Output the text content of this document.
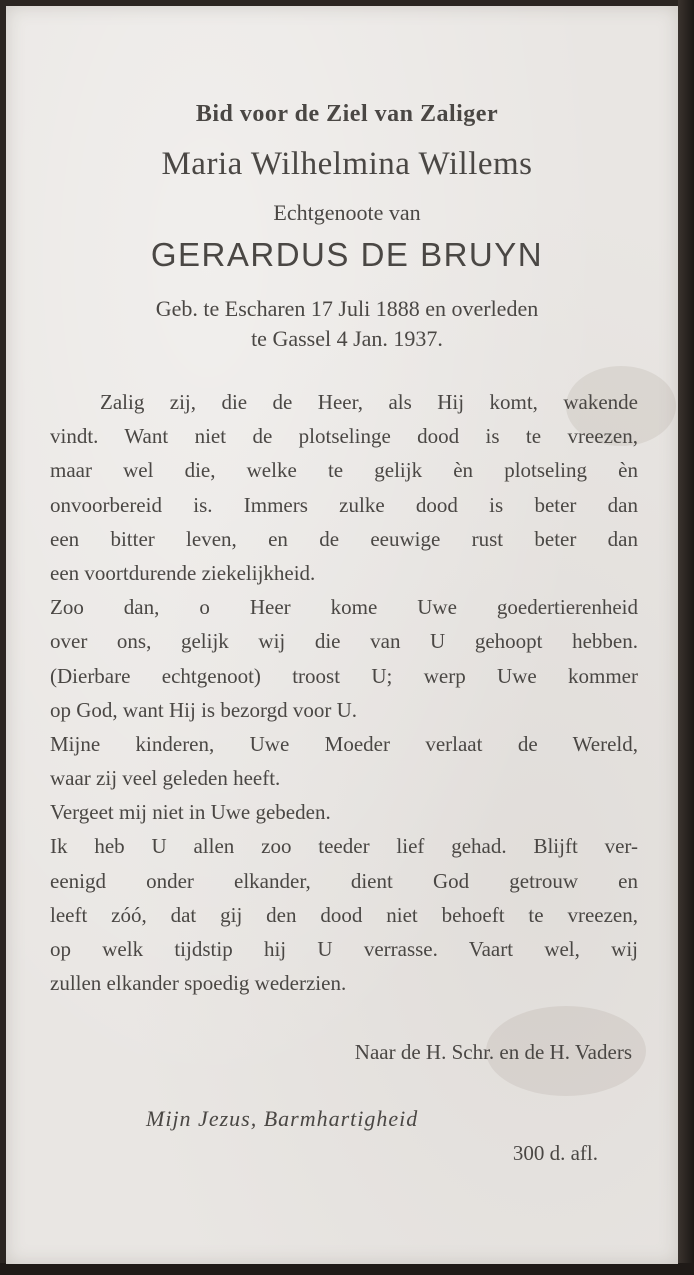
Bid voor de Ziel van Zaliger
Maria Wilhelmina Willems
Echtgenoote van
GERARDUS DE BRUYN
Geb. te Escharen 17 Juli 1888 en overleden
te Gassel 4 Jan. 1937.
Zalig zij, die de Heer, als Hij komt, wakende
vindt. Want niet de plotselinge dood is te vreezen,
maar wel die, welke te gelijk èn plotseling èn
onvoorbereid is. Immers zulke dood is beter dan
een bitter leven, en de eeuwige rust beter dan
een voortdurende ziekelijkheid.
Zoo dan, o Heer kome Uwe goedertierenheid
over ons, gelijk wij die van U gehoopt hebben.
(Dierbare echtgenoot) troost U; werp Uwe kommer
op God, want Hij is bezorgd voor U.
Mijne kinderen, Uwe Moeder verlaat de Wereld,
waar zij veel geleden heeft.
Vergeet mij niet in Uwe gebeden.
Ik heb U allen zoo teeder lief gehad. Blijft ver-
eenigd onder elkander, dient God getrouw en
leeft zóó, dat gij den dood niet behoeft te vreezen,
op welk tijdstip hij U verrasse. Vaart wel, wij
zullen elkander spoedig wederzien.
Naar de H. Schr. en de H. Vaders
Mijn Jezus, Barmhartigheid
300 d. afl.
